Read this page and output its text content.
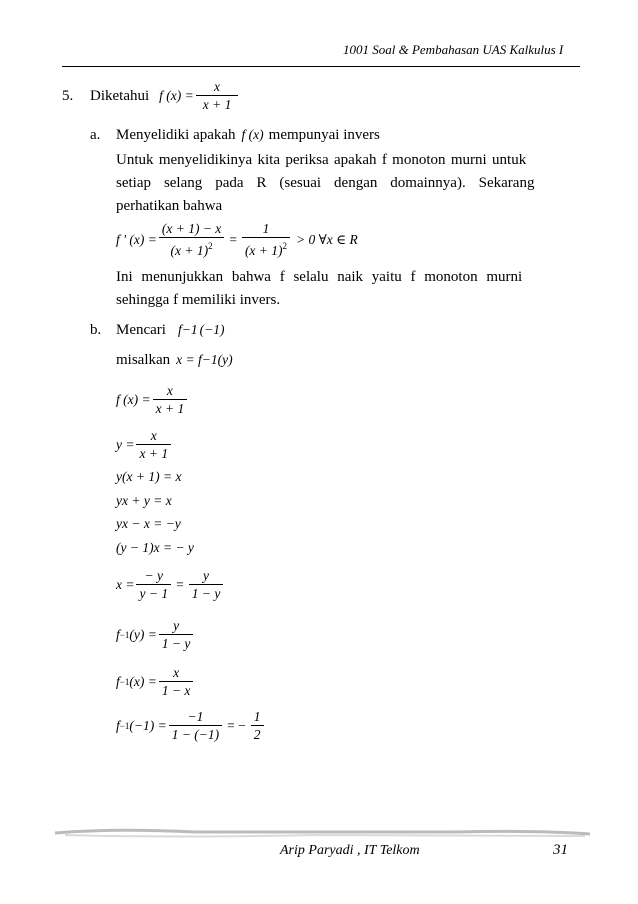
1001 Soal & Pembahasan UAS Kalkulus I
5.	Diketahui f $(x) = \frac{x}{x + 1}$
a.	Menyelidiki apakah f (x) mempunyai invers
Untuk menyelidikinya kita periksa apakah f monoton murni untuk
setiap selang pada R (sesuai dengan domainnya). Sekarang
perhatikan bahwa
f ' $(x) = \frac{(x + 1) - x}{(x + 1)^2} = \frac{1}{(x + 1)^2} > 0$ ∀x ∈ R
Ini menunjukkan bahwa f selalu naik yaitu f monoton murni
sehingga f memiliki invers.
b. Mencari f −1 (−1)
misalkan x = f −1 (y)
f $(x) = \frac{x}{x + 1}$
$y = \frac{x}{x + 1}$
y(x + 1) = x
yx + y = x
yx − x = −y
(y − 1)x = − y
$x = \frac{- y}{y - 1} = \frac{y}{1 - y}$
f −1 $(y) = \frac{y}{1 - y}$
f −1 $(x) = \frac{x}{1 - x}$
f −1 $(-1) = \frac{-1}{1 - (-1)}$ = − $\frac{1}{2}$
Arip Paryadi , IT Telkom	31
